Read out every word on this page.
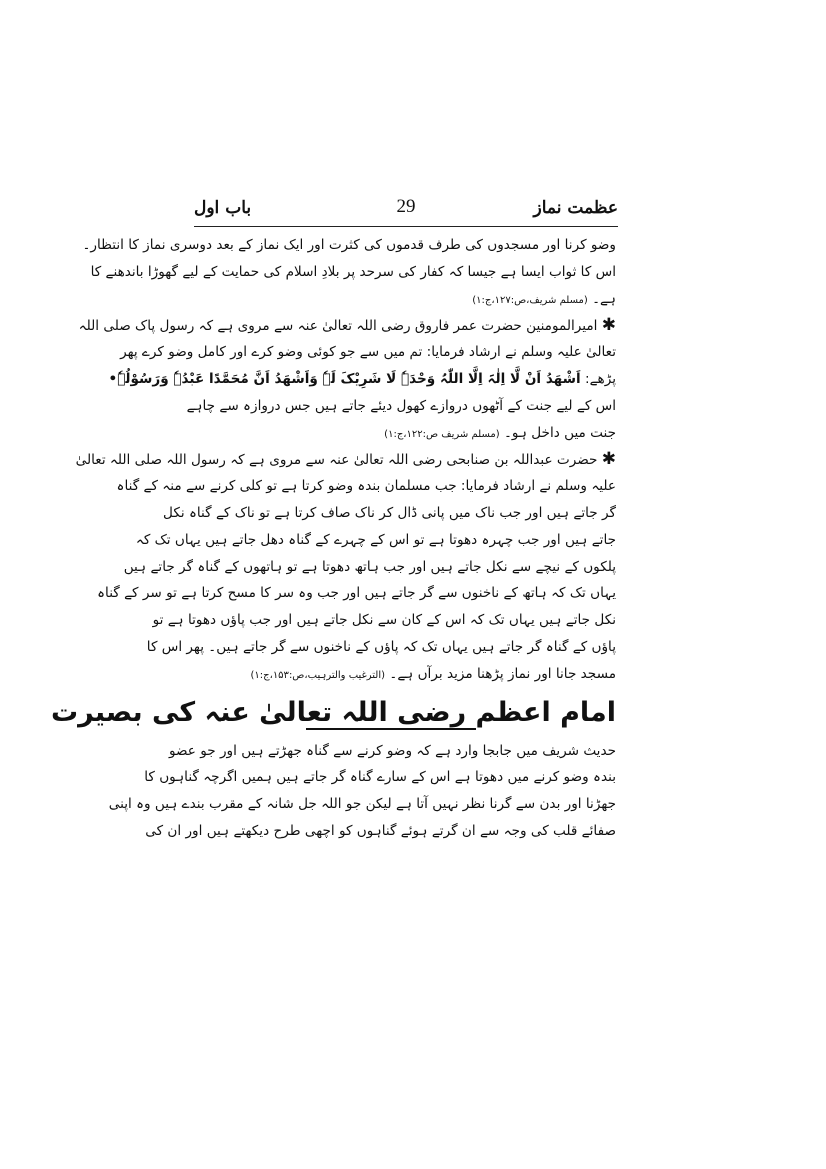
عظمت نماز
29
باب اول
وضو کرنا اور مسجدوں کی طرف قدموں کی کثرت اور ایک نماز کے بعد دوسری نماز کا انتظار۔
اس کا ثواب ایسا ہے جیسا کہ کفار کی سرحد پر بلادِ اسلام کی حمایت کے لیے گھوڑا باندھنے کا
ہے۔ (مسلم شریف،ص:۱۲۷،ج:۱)
✱ امیرالمومنین حضرت عمر فاروق رضی اللہ تعالیٰ عنہ سے مروی ہے کہ رسول پاک صلی اللہ
تعالیٰ علیہ وسلم نے ارشاد فرمایا: تم میں سے جو کوئی وضو کرے اور کامل وضو کرے پھر
پڑھے: اَشْھَدُ اَنْ لَّا اِلٰہَ اِلَّا اللّٰہُ وَحْدَہٗ لَا شَرِیْکَ لَہٗ وَاَشْھَدُ اَنَّ مُحَمَّدًا عَبْدُہٗ وَرَسُوْلُہٗ•
اس کے لیے جنت کے آٹھوں دروازے کھول دیئے جاتے ہیں جس دروازہ سے چاہے
جنت میں داخل ہو۔ (مسلم شریف ص:۱۲۲،ج:۱)
✱ حضرت عبداللہ بن صنابحی رضی اللہ تعالیٰ عنہ سے مروی ہے کہ رسول اللہ صلی اللہ تعالیٰ
علیہ وسلم نے ارشاد فرمایا: جب مسلمان بندہ وضو کرتا ہے تو کلی کرنے سے منہ کے گناہ
گر جاتے ہیں اور جب ناک میں پانی ڈال کر ناک صاف کرتا ہے تو ناک کے گناہ نکل
جاتے ہیں اور جب چہرہ دھوتا ہے تو اس کے چہرے کے گناہ دھل جاتے ہیں یہاں تک کہ
پلکوں کے نیچے سے نکل جاتے ہیں اور جب ہاتھ دھوتا ہے تو ہاتھوں کے گناہ گر جاتے ہیں
یہاں تک کہ ہاتھ کے ناخنوں سے گر جاتے ہیں اور جب وہ سر کا مسح کرتا ہے تو سر کے گناہ
نکل جاتے ہیں یہاں تک کہ اس کے کان سے نکل جاتے ہیں اور جب پاؤں دھوتا ہے تو
پاؤں کے گناہ گر جاتے ہیں یہاں تک کہ پاؤں کے ناخنوں سے گر جاتے ہیں۔ پھر اس کا
مسجد جانا اور نماز پڑھنا مزید برآں ہے۔ (الترغیب والترہیب،ص:۱۵۳،ج:۱)
امام اعظم رضی اللہ تعالیٰ عنہ کی بصیرت
حدیث شریف میں جابجا وارد ہے کہ وضو کرنے سے گناہ جھڑتے ہیں اور جو عضو
بندہ وضو کرنے میں دھوتا ہے اس کے سارے گناہ گر جاتے ہیں ہمیں اگرچہ گناہوں کا
جھڑنا اور بدن سے گرنا نظر نہیں آتا ہے لیکن جو اللہ جل شانہ کے مقرب بندے ہیں وہ اپنی
صفائے قلب کی وجہ سے ان گرتے ہوئے گناہوں کو اچھی طرح دیکھتے ہیں اور ان کی
